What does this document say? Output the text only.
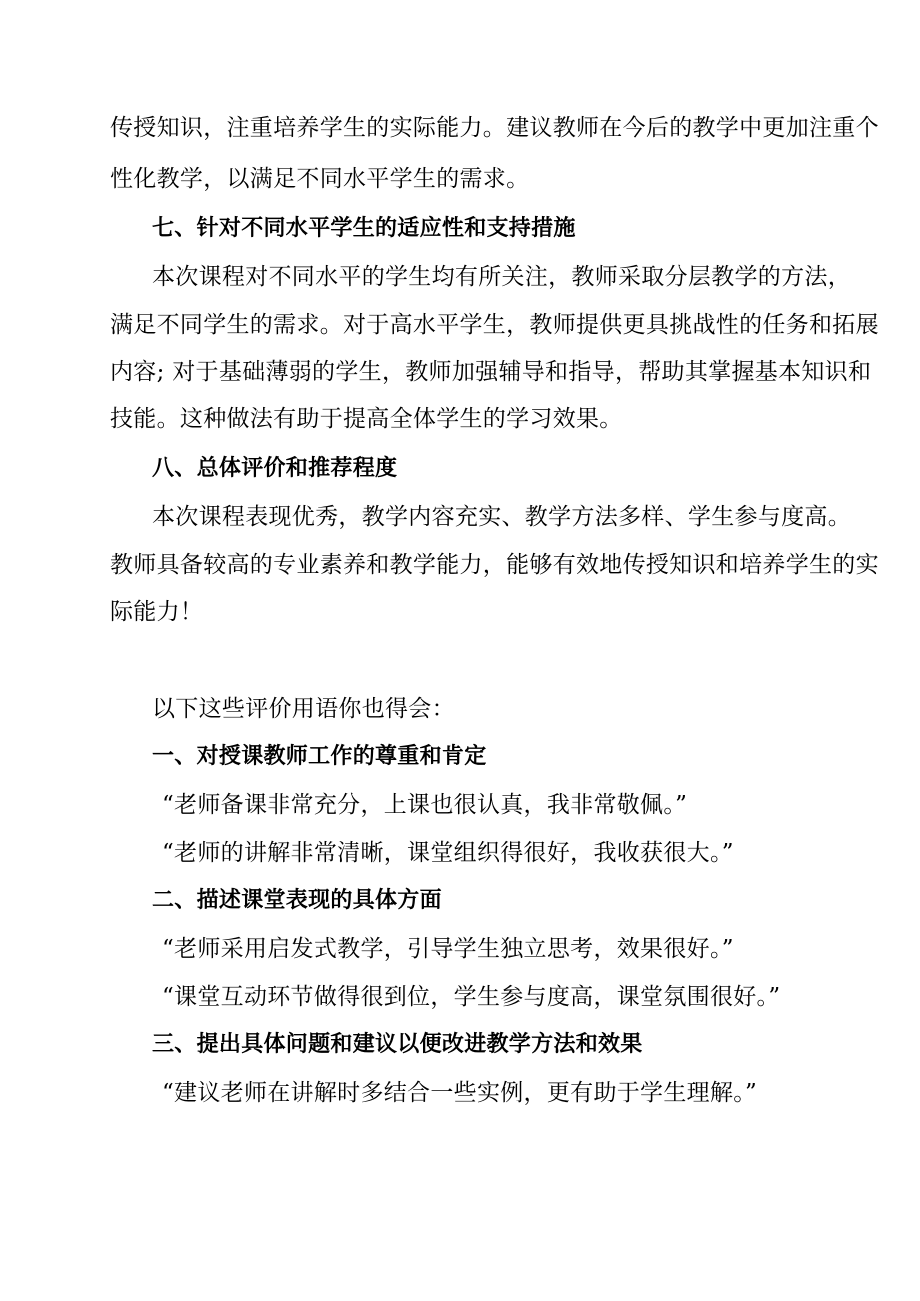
传授知识，注重培养学生的实际能力。建议教师在今后的教学中更加注重个
性化教学，以满足不同水平学生的需求。
七、针对不同水平学生的适应性和支持措施
本次课程对不同水平的学生均有所关注，教师采取分层教学的方法，
满足不同学生的需求。对于高水平学生，教师提供更具挑战性的任务和拓展
内容; 对于基础薄弱的学生，教师加强辅导和指导，帮助其掌握基本知识和
技能。这种做法有助于提高全体学生的学习效果。
八、总体评价和推荐程度
本次课程表现优秀，教学内容充实、教学方法多样、学生参与度高。
教师具备较高的专业素养和教学能力，能够有效地传授知识和培养学生的实
际能力！
以下这些评价用语你也得会：
一、对授课教师工作的尊重和肯定
“老师备课非常充分，上课也很认真，我非常敬佩。”
“老师的讲解非常清晰，课堂组织得很好，我收获很大。”
二、描述课堂表现的具体方面
“老师采用启发式教学，引导学生独立思考，效果很好。”
“课堂互动环节做得很到位，学生参与度高，课堂氛围很好。”
三、提出具体问题和建议以便改进教学方法和效果
“建议老师在讲解时多结合一些实例，更有助于学生理解。”
